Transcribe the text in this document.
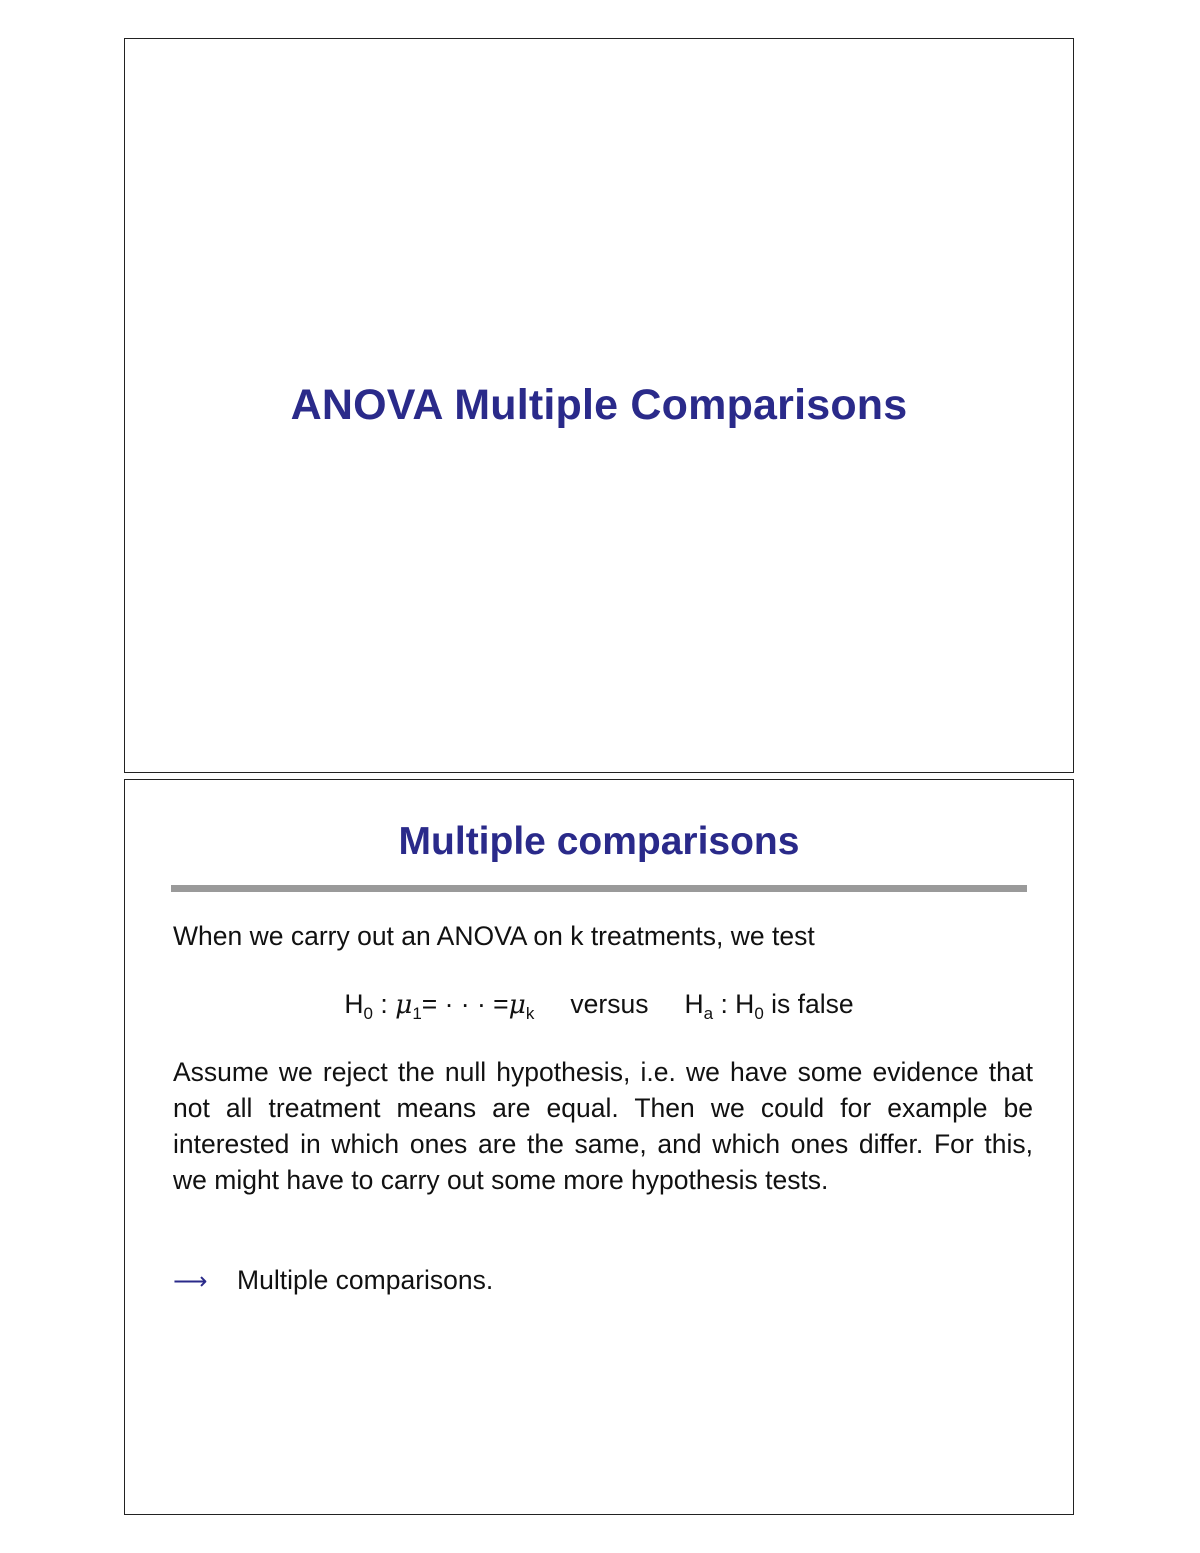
ANOVA Multiple Comparisons
Multiple comparisons
When we carry out an ANOVA on k treatments, we test
$H_0$ : $\mu_1=$ · · · $=\mu_k$ versus $H_a$ : $H_0$ is false
Assume we reject the null hypothesis, i.e. we have some evidence that not all treatment means are equal. Then we could for example be interested in which ones are the same, and which ones differ. For this, we might have to carry out some more hypothesis tests.
⟶ Multiple comparisons.
